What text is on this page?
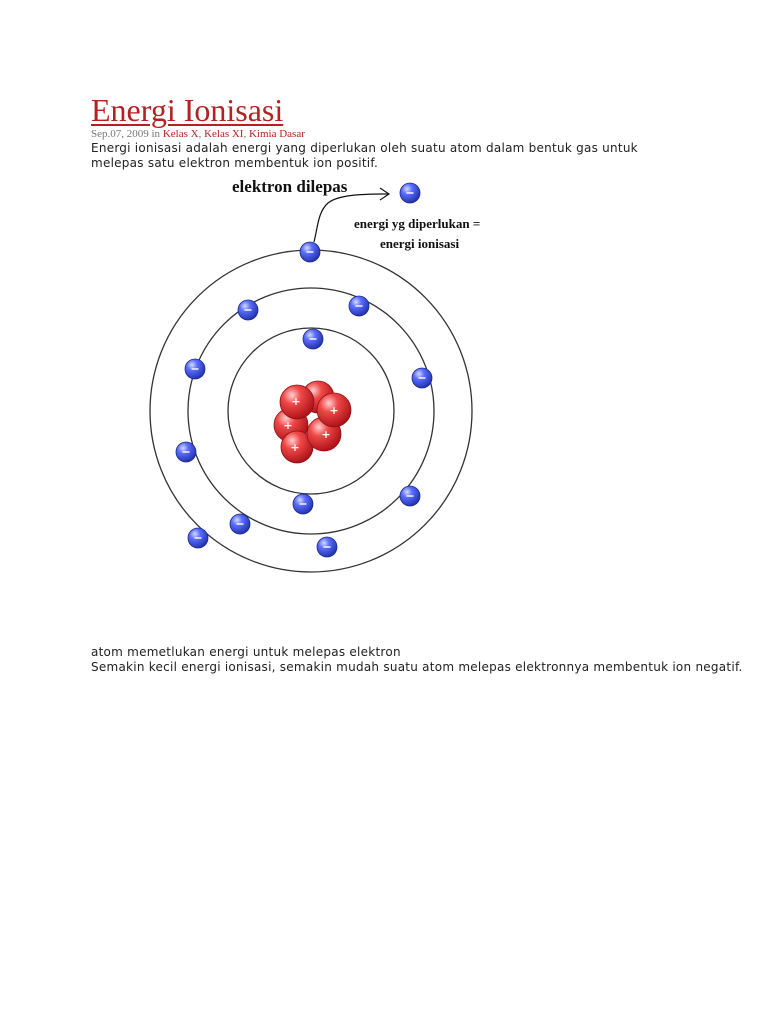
Energi Ionisasi
Sep.07, 2009 in Kelas X, Kelas XI, Kimia Dasar

Energi ionisasi adalah energi yang diperlukan oleh suatu atom dalam bentuk gas untuk melepas satu elektron membentuk ion positif.

elektron dilepas
energi yg diperlukan =
energi ionisasi
+
+
+
+
+
atom memetlukan energi untuk melepas elektron
Semakin kecil energi ionisasi, semakin mudah suatu atom melepas elektronnya membentuk ion negatif.
